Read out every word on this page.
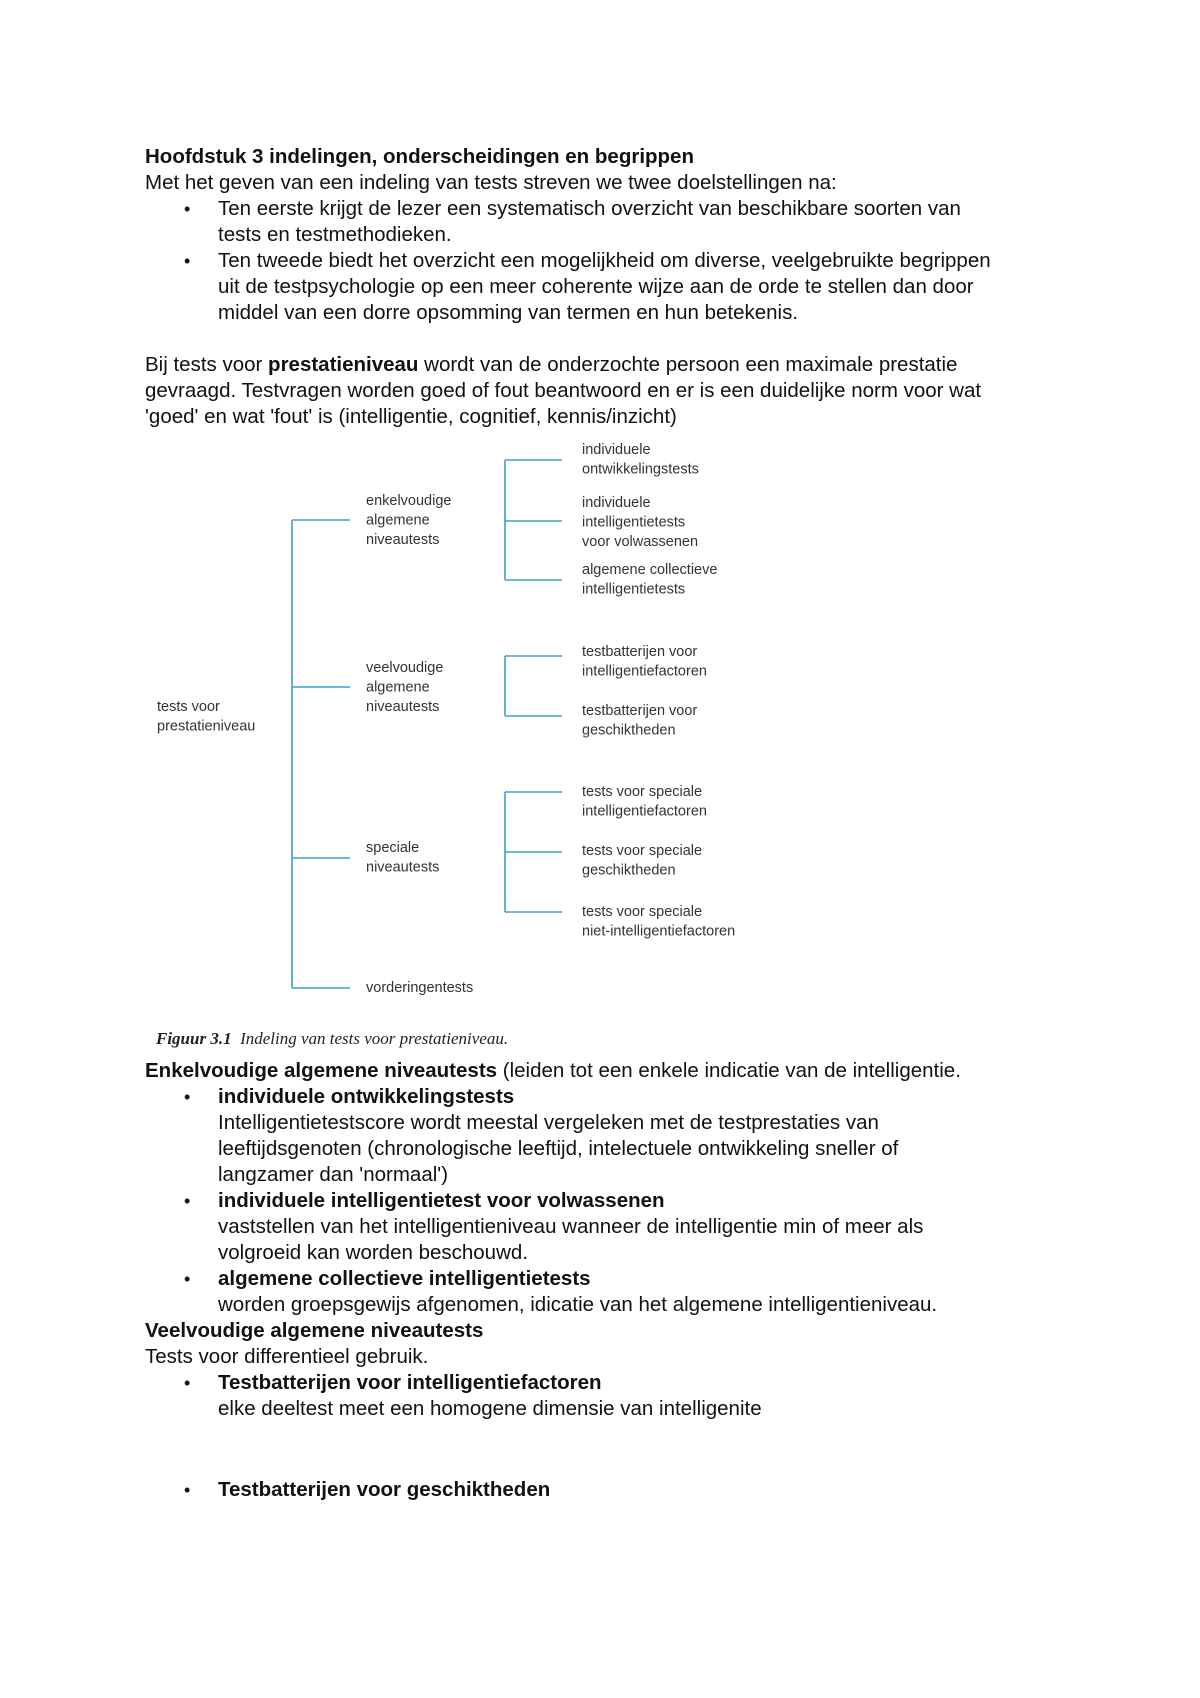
Hoofdstuk 3 indelingen, onderscheidingen en begrippen
Met het geven van een indeling van tests streven we twee doelstellingen na:
• Ten eerste krijgt de lezer een systematisch overzicht van beschikbare soorten van
tests en testmethodieken.
• Ten tweede biedt het overzicht een mogelijkheid om diverse, veelgebruikte begrippen
uit de testpsychologie op een meer coherente wijze aan de orde te stellen dan door
middel van een dorre opsomming van termen en hun betekenis.
Bij tests voor prestatieniveau wordt van de onderzochte persoon een maximale prestatie
gevraagd. Testvragen worden goed of fout beantwoord en er is een duidelijke norm voor wat
'goed' en wat 'fout' is (intelligentie, cognitief, kennis/inzicht)
tests voor prestatieniveau
enkelvoudige algemene niveautests
veelvoudige algemene niveautests
speciale niveautests
vorderingentests
individuele ontwikkelingstests
individuele intelligentietests voor volwassenen
algemene collectieve intelligentietests
testbatterijen voor intelligentiefactoren
testbatterijen voor geschiktheden
tests voor speciale intelligentiefactoren
tests voor speciale geschiktheden
tests voor speciale niet-intelligentiefactoren
Figuur 3.1 Indeling van tests voor prestatieniveau.
Enkelvoudige algemene niveautests (leiden tot een enkele indicatie van de intelligentie.
• individuele ontwikkelingstests
Intelligentietestscore wordt meestal vergeleken met de testprestaties van
leeftijdsgenoten (chronologische leeftijd, intelectuele ontwikkeling sneller of
langzamer dan 'normaal')
• individuele intelligentietest voor volwassenen
vaststellen van het intelligentieniveau wanneer de intelligentie min of meer als
volgroeid kan worden beschouwd.
• algemene collectieve intelligentietests
worden groepsgewijs afgenomen, idicatie van het algemene intelligentieniveau.
Veelvoudige algemene niveautests
Tests voor differentieel gebruik.
• Testbatterijen voor intelligentiefactoren
elke deeltest meet een homogene dimensie van intelligenite
• Testbatterijen voor geschiktheden
